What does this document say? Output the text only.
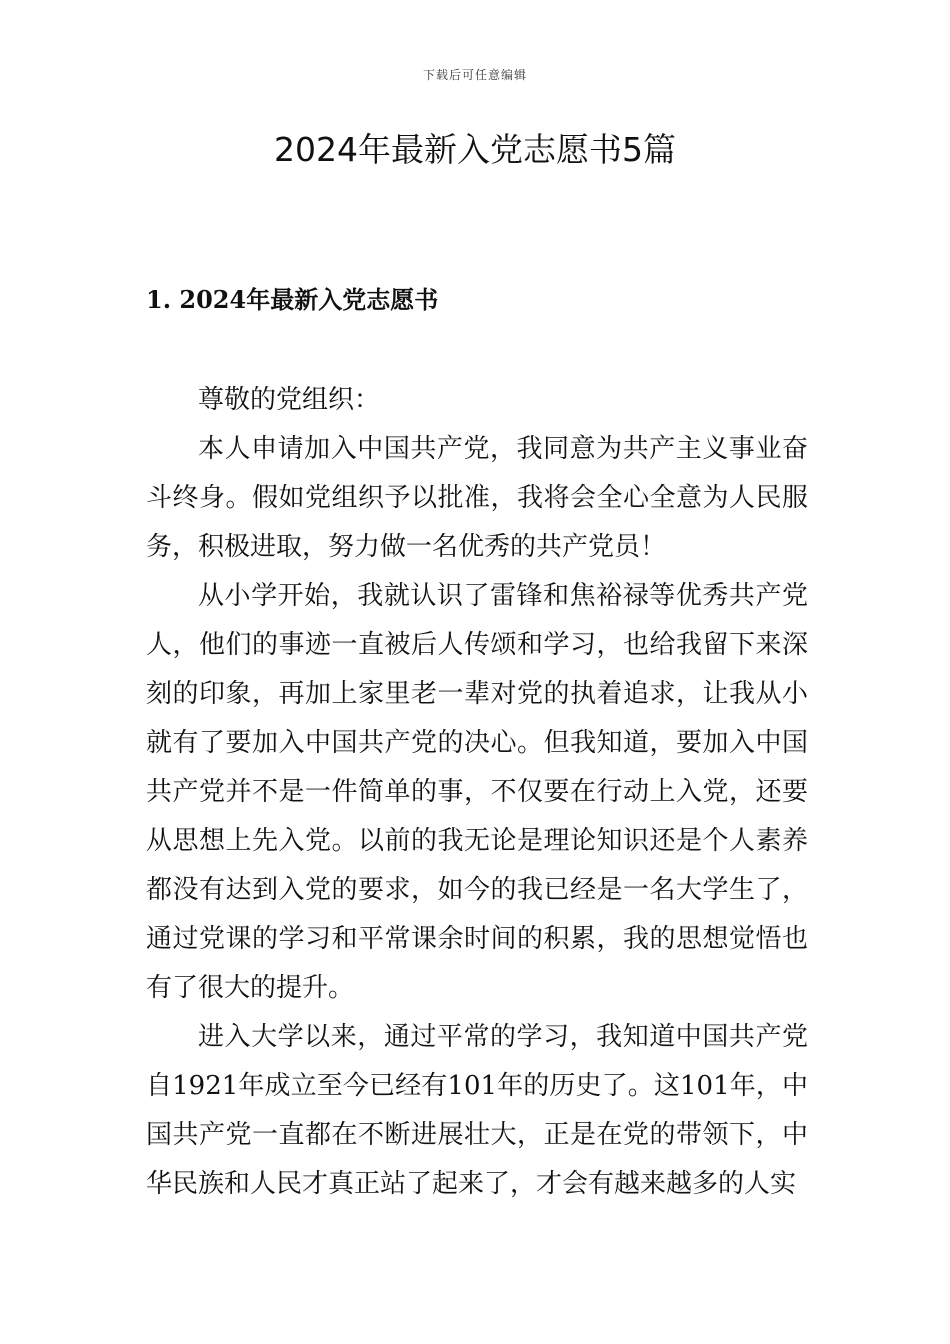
下载后可任意编辑
2024年最新入党志愿书5篇
1. 2024年最新入党志愿书

尊敬的党组织：

本人申请加入中国共产党，我同意为共产主义事业奋斗终身。假如党组织予以批准，我将会全心全意为人民服务，积极进取，努力做一名优秀的共产党员！

从小学开始，我就认识了雷锋和焦裕禄等优秀共产党人，他们的事迹一直被后人传颂和学习，也给我留下来深刻的印象，再加上家里老一辈对党的执着追求，让我从小就有了要加入中国共产党的决心。但我知道，要加入中国共产党并不是一件简单的事，不仅要在行动上入党，还要从思想上先入党。以前的我无论是理论知识还是个人素养都没有达到入党的要求，如今的我已经是一名大学生了，通过党课的学习和平常课余时间的积累，我的思想觉悟也有了很大的提升。

进入大学以来，通过平常的学习，我知道中国共产党自1921年成立至今已经有101年的历史了。这101年，中国共产党一直都在不断进展壮大，正是在党的带领下，中华民族和人民才真正站了起来了，才会有越来越多的人实
